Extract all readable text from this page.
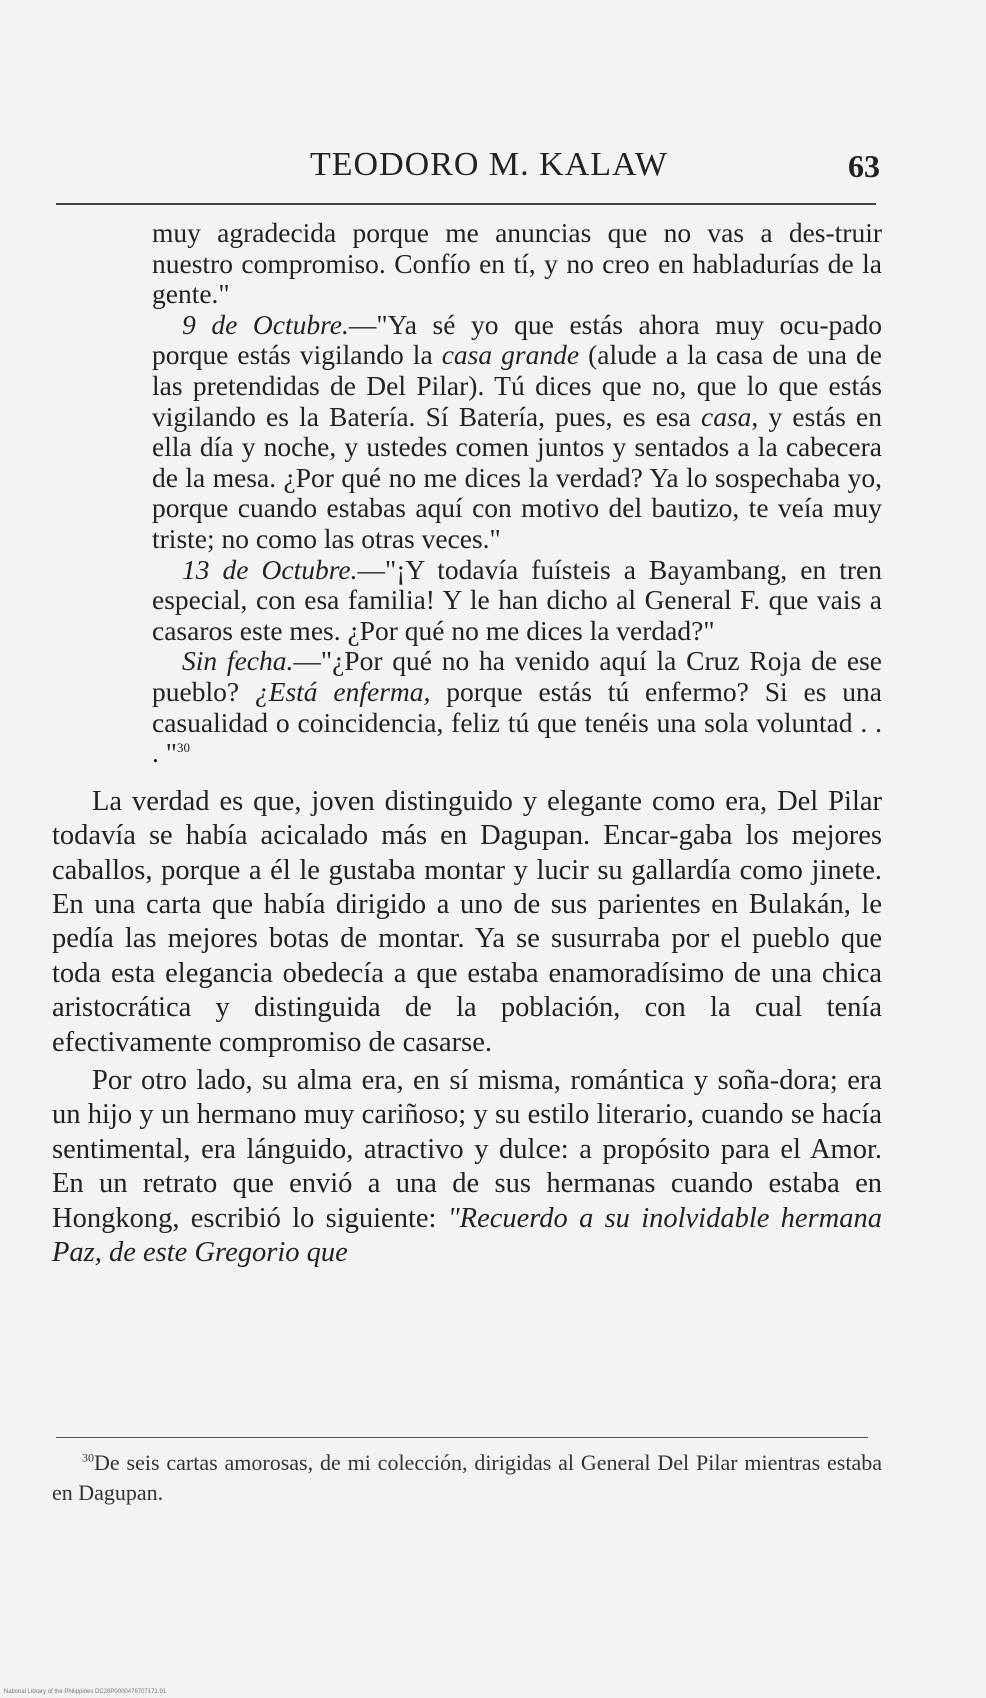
TEODORO M. KALAW	63

muy agradecida porque me anuncias que no vas a des-truir nuestro compromiso. Confío en tí, y no creo en habladurías de la gente."

9 de Octubre.—"Ya sé yo que estás ahora muy ocu-pado porque estás vigilando la casa grande (alude a la casa de una de las pretendidas de Del Pilar). Tú dices que no, que lo que estás vigilando es la Batería. Sí Batería, pues, es esa casa, y estás en ella día y noche, y ustedes comen juntos y sentados a la cabecera de la mesa. ¿Por qué no me dices la verdad? Ya lo sospechaba yo, porque cuando estabas aquí con motivo del bautizo, te veía muy triste; no como las otras veces."

13 de Octubre.—"¡Y todavía fuísteis a Bayambang, en tren especial, con esa familia! Y le han dicho al General F. que vais a casaros este mes. ¿Por qué no me dices la verdad?"

Sin fecha.—"¿Por qué no ha venido aquí la Cruz Roja de ese pueblo? ¿Está enferma, porque estás tú enfermo? Si es una casualidad o coincidencia, feliz tú que tenéis una sola voluntad . . . "$^{30}$

La verdad es que, joven distinguido y elegante como era, Del Pilar todavía se había acicalado más en Dagupan. Encar-gaba los mejores caballos, porque a él le gustaba montar y lucir su gallardía como jinete. En una carta que había dirigido a uno de sus parientes en Bulakán, le pedía las mejores botas de montar. Ya se susurraba por el pueblo que toda esta elegancia obedecía a que estaba enamoradísimo de una chica aristocrática y distinguida de la población, con la cual tenía efectivamente compromiso de casarse.

Por otro lado, su alma era, en sí misma, romántica y soña-dora; era un hijo y un hermano muy cariñoso; y su estilo literario, cuando se hacía sentimental, era lánguido, atractivo y dulce: a propósito para el Amor. En un retrato que envió a una de sus hermanas cuando estaba en Hongkong, escribió lo siguiente: "Recuerdo a su inolvidable hermana Paz, de este Gregorio que

$^{30}$De seis cartas amorosas, de mi colección, dirigidas al General Del Pilar mientras estaba en Dagupan.
National Library of the Philippines DC28P0000476707171.91
